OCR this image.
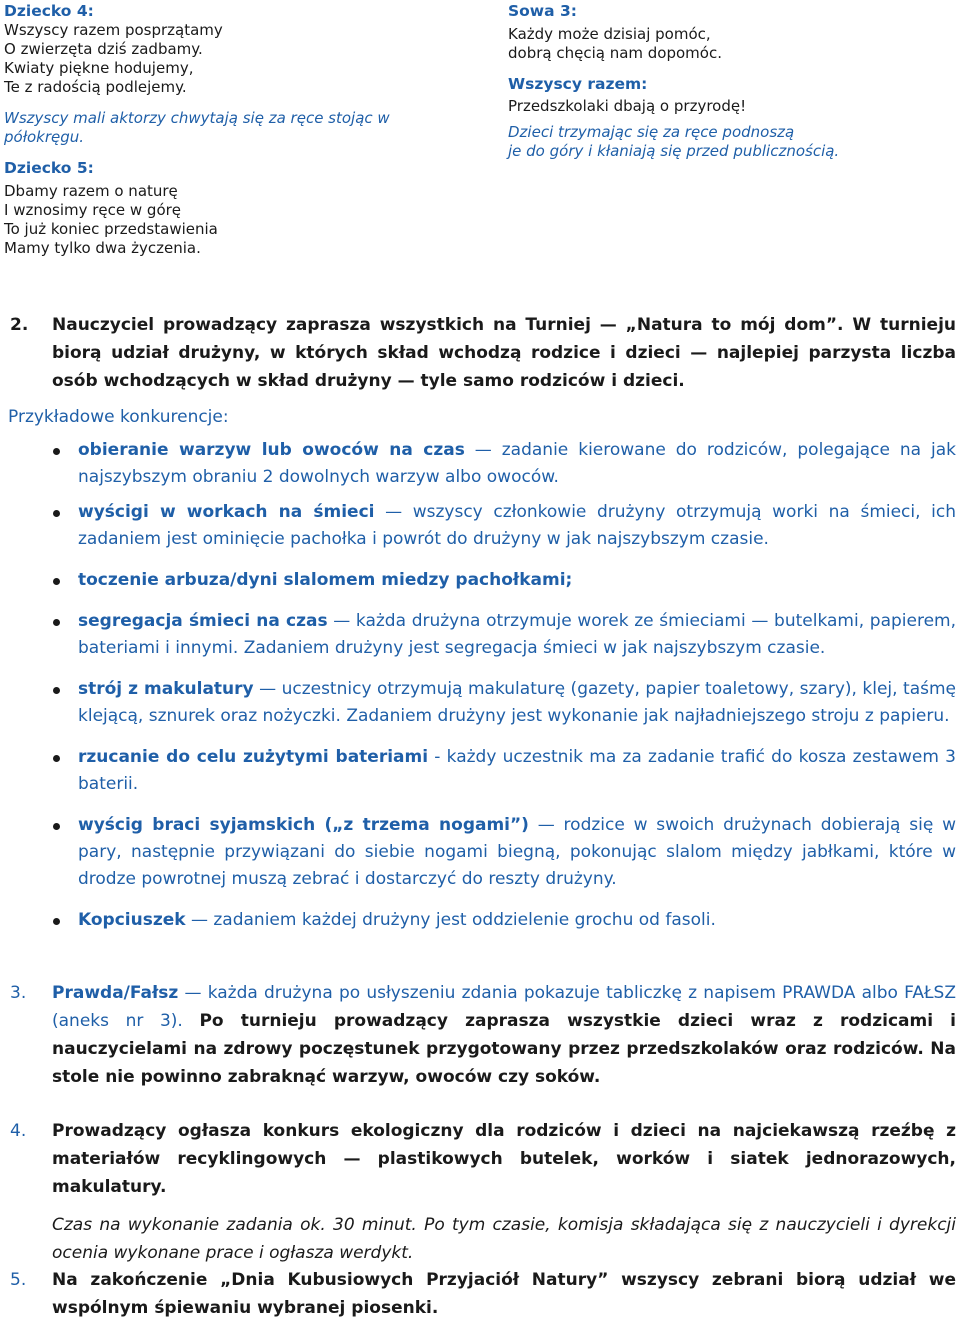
Dziecko 4:

Wszyscy razem posprzątamy

O zwierzęta dziś zadbamy.

Kwiaty piękne hodujemy,

Te z radością podlejemy.

Wszyscy mali aktorzy chwytają się za ręce stojąc w półokręgu.

Dziecko 5:

Dbamy razem o naturę

I wznosimy ręce w górę

To już koniec przedstawienia

Mamy tylko dwa życzenia.

Sowa 3:

Każdy może dzisiaj pomóc,

dobrą chęcią nam dopomóc.

Wszyscy razem:

Przedszkolaki dbają o przyrodę!

Dzieci trzymając się za ręce podnoszą

je do góry i kłaniają się przed publicznością.

2. Nauczyciel prowadzący zaprasza wszystkich na Turniej — „Natura to mój dom”. W turnieju biorą udział drużyny, w których skład wchodzą rodzice i dzieci — najlepiej parzysta liczba osób wchodzących w skład drużyny — tyle samo rodziców i dzieci.

Przykładowe konkurencje:

obieranie warzyw lub owoców na czas — zadanie kierowane do rodziców, polegające na jak najszybszym obraniu 2 dowolnych warzyw albo owoców.
wyścigi w workach na śmieci — wszyscy członkowie drużyny otrzymują worki na śmieci, ich zadaniem jest ominięcie pachołka i powrót do drużyny w jak najszybszym czasie.
toczenie arbuza/dyni slalomem miedzy pachołkami;
segregacja śmieci na czas — każda drużyna otrzymuje worek ze śmieciami — butelkami, papierem, bateriami i innymi. Zadaniem drużyny jest segregacja śmieci w jak najszybszym czasie.
strój z makulatury — uczestnicy otrzymują makulaturę (gazety, papier toaletowy, szary), klej, taśmę klejącą, sznurek oraz nożyczki. Zadaniem drużyny jest wykonanie jak najładniejszego stroju z papieru.
rzucanie do celu zużytymi bateriami - każdy uczestnik ma za zadanie trafić do kosza zestawem 3 baterii.
wyścig braci syjamskich („z trzema nogami”) — rodzice w swoich drużynach dobierają się w pary, następnie przywiązani do siebie nogami biegną, pokonując slalom między jabłkami, które w drodze powrotnej muszą zebrać i dostarczyć do reszty drużyny.
Kopciuszek — zadaniem każdej drużyny jest oddzielenie grochu od fasoli.
3. Prawda/Fałsz — każda drużyna po usłyszeniu zdania pokazuje tabliczkę z napisem PRAWDA albo FAŁSZ (aneks nr 3). Po turnieju prowadzący zaprasza wszystkie dzieci wraz z rodzicami i nauczycielami na zdrowy poczęstunek przygotowany przez przedszkolaków oraz rodziców. Na stole nie powinno zabraknąć warzyw, owoców czy soków.
4. Prowadzący ogłasza konkurs ekologiczny dla rodziców i dzieci na najciekawszą rzeźbę z materiałów recyklingowych — plastikowych butelek, worków i siatek jednorazowych, makulatury.
Czas na wykonanie zadania ok. 30 minut. Po tym czasie, komisja składająca się z nauczycieli i dyrekcji ocenia wykonane prace i ogłasza werdykt.
5. Na zakończenie „Dnia Kubusiowych Przyjaciół Natury” wszyscy zebrani biorą udział we wspólnym śpiewaniu wybranej piosenki.
